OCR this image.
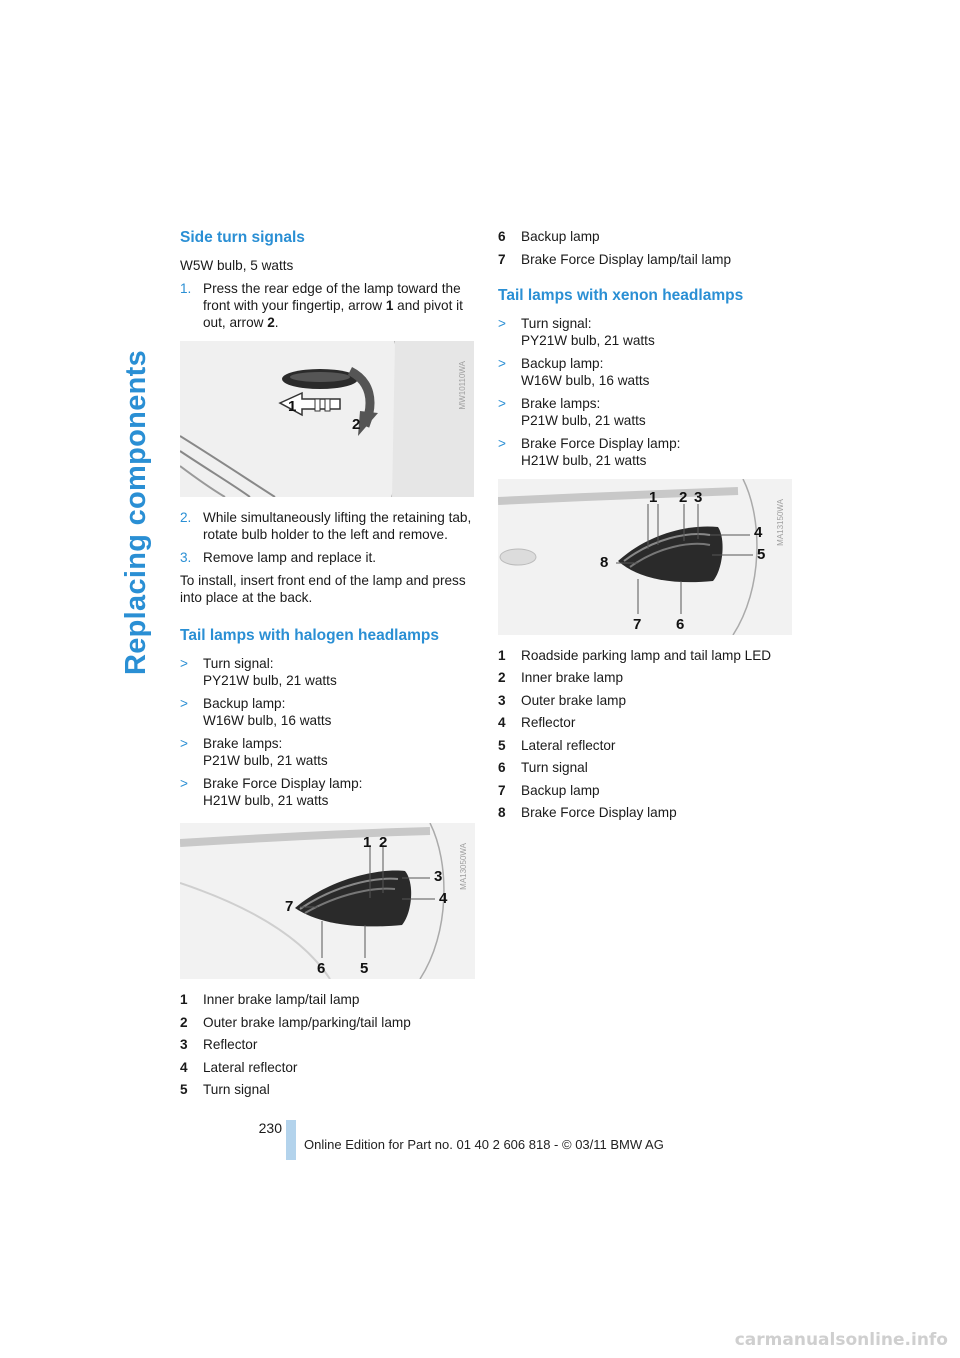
Replacing components
Side turn signals

W5W bulb, 5 watts

1. Press the rear edge of the lamp toward the front with your fingertip, arrow 1 and pivot it out, arrow 2.
1
2
MW10110WA
2. While simultaneously lifting the retaining tab, rotate bulb holder to the left and remove.
3. Remove lamp and replace it.

To install, insert front end of the lamp and press into place at the back.

Tail lamps with halogen headlamps
>	Turn signal:
PY21W bulb, 21 watts
>	Backup lamp:
W16W bulb, 16 watts
>	Brake lamps:
P21W bulb, 21 watts
>	Brake Force Display lamp:
H21W bulb, 21 watts
1 2
3
4
5
6
7
MA13050WA
1	Inner brake lamp/tail lamp
2	Outer brake lamp/parking/tail lamp
3	Reflector
4	Lateral reflector
5	Turn signal
6	Backup lamp
7	Brake Force Display lamp/tail lamp
Tail lamps with xenon headlamps
>	Turn signal:
PY21W bulb, 21 watts
>	Backup lamp:
W16W bulb, 16 watts
>	Brake lamps:
P21W bulb, 21 watts
>	Brake Force Display lamp:
H21W bulb, 21 watts
1 2 3
4
5
6
7
8
MA13150WA
1	Roadside parking lamp and tail lamp LED
2	Inner brake lamp
3	Outer brake lamp
4	Reflector
5	Lateral reflector
6	Turn signal
7	Backup lamp
8	Brake Force Display lamp
230
Online Edition for Part no. 01 40 2 606 818 - © 03/11 BMW AG
carmanualsonline.info
